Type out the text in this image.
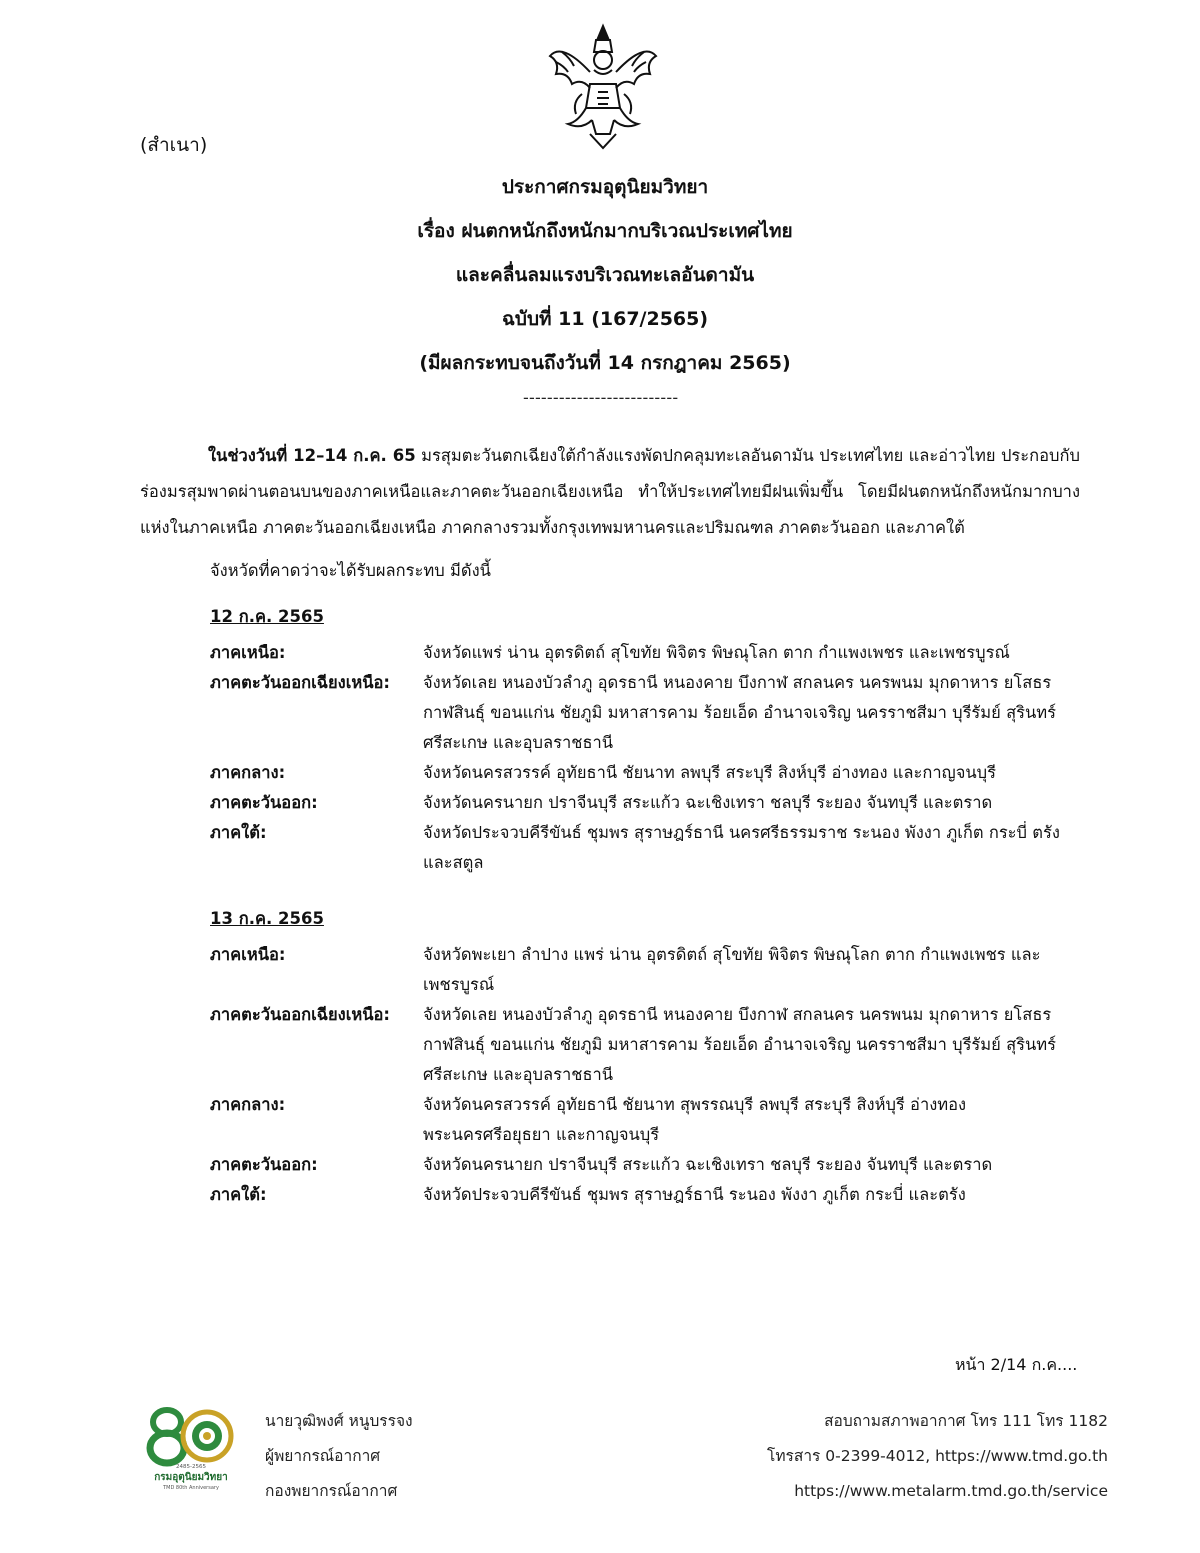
(สำเนา)
ประกาศกรมอุตุนิยมวิทยา
เรื่อง ฝนตกหนักถึงหนักมากบริเวณประเทศไทย
และคลื่นลมแรงบริเวณทะเลอันดามัน
ฉบับที่ 11 (167/2565)
(มีผลกระทบจนถึงวันที่ 14 กรกฎาคม 2565)
--------------------------
ในช่วงวันที่ 12–14 ก.ค. 65 มรสุมตะวันตกเฉียงใต้กำลังแรงพัดปกคลุมทะเลอันดามัน ประเทศไทย และอ่าวไทย ประกอบกับร่องมรสุมพาดผ่านตอนบนของภาคเหนือและภาคตะวันออกเฉียงเหนือ ทำให้ประเทศไทยมีฝนเพิ่มขึ้น โดยมีฝนตกหนักถึงหนักมากบางแห่งในภาคเหนือ ภาคตะวันออกเฉียงเหนือ ภาคกลางรวมทั้งกรุงเทพมหานครและปริมณฑล ภาคตะวันออก และภาคใต้
จังหวัดที่คาดว่าจะได้รับผลกระทบ มีดังนี้
12 ก.ค. 2565
ภาคเหนือ:	จังหวัดแพร่ น่าน อุตรดิตถ์ สุโขทัย พิจิตร พิษณุโลก ตาก กำแพงเพชร และเพชรบูรณ์
ภาคตะวันออกเฉียงเหนือ:	จังหวัดเลย หนองบัวลำภู อุดรธานี หนองคาย บึงกาฬ สกลนคร นครพนม มุกดาหาร ยโสธร กาฬสินธุ์ ขอนแก่น ชัยภูมิ มหาสารคาม ร้อยเอ็ด อำนาจเจริญ นครราชสีมา บุรีรัมย์ สุรินทร์ ศรีสะเกษ และอุบลราชธานี
ภาคกลาง:	จังหวัดนครสวรรค์ อุทัยธานี ชัยนาท ลพบุรี สระบุรี สิงห์บุรี อ่างทอง และกาญจนบุรี
ภาคตะวันออก:	จังหวัดนครนายก ปราจีนบุรี สระแก้ว ฉะเชิงเทรา ชลบุรี ระยอง จันทบุรี และตราด
ภาคใต้:	จังหวัดประจวบคีรีขันธ์ ชุมพร สุราษฎร์ธานี นครศรีธรรมราช ระนอง พังงา ภูเก็ต กระบี่ ตรัง และสตูล
13 ก.ค. 2565
ภาคเหนือ:	จังหวัดพะเยา ลำปาง แพร่ น่าน อุตรดิตถ์ สุโขทัย พิจิตร พิษณุโลก ตาก กำแพงเพชร และเพชรบูรณ์
ภาคตะวันออกเฉียงเหนือ:	จังหวัดเลย หนองบัวลำภู อุดรธานี หนองคาย บึงกาฬ สกลนคร นครพนม มุกดาหาร ยโสธร กาฬสินธุ์ ขอนแก่น ชัยภูมิ มหาสารคาม ร้อยเอ็ด อำนาจเจริญ นครราชสีมา บุรีรัมย์ สุรินทร์ ศรีสะเกษ และอุบลราชธานี
ภาคกลาง:	จังหวัดนครสวรรค์ อุทัยธานี ชัยนาท สุพรรณบุรี ลพบุรี สระบุรี สิงห์บุรี อ่างทอง พระนครศรีอยุธยา และกาญจนบุรี
ภาคตะวันออก:	จังหวัดนครนายก ปราจีนบุรี สระแก้ว ฉะเชิงเทรา ชลบุรี ระยอง จันทบุรี และตราด
ภาคใต้:	จังหวัดประจวบคีรีขันธ์ ชุมพร สุราษฎร์ธานี ระนอง พังงา ภูเก็ต กระบี่ และตรัง
หน้า 2/14 ก.ค....
2485-2565
กรมอุตุนิยมวิทยา
TMD 80th Anniversary
นายวุฒิพงศ์ หนูบรรจง
ผู้พยากรณ์อากาศ
กองพยากรณ์อากาศ
สอบถามสภาพอากาศ โทร 111 โทร 1182
โทรสาร 0-2399-4012, https://www.tmd.go.th
https://www.metalarm.tmd.go.th/service
